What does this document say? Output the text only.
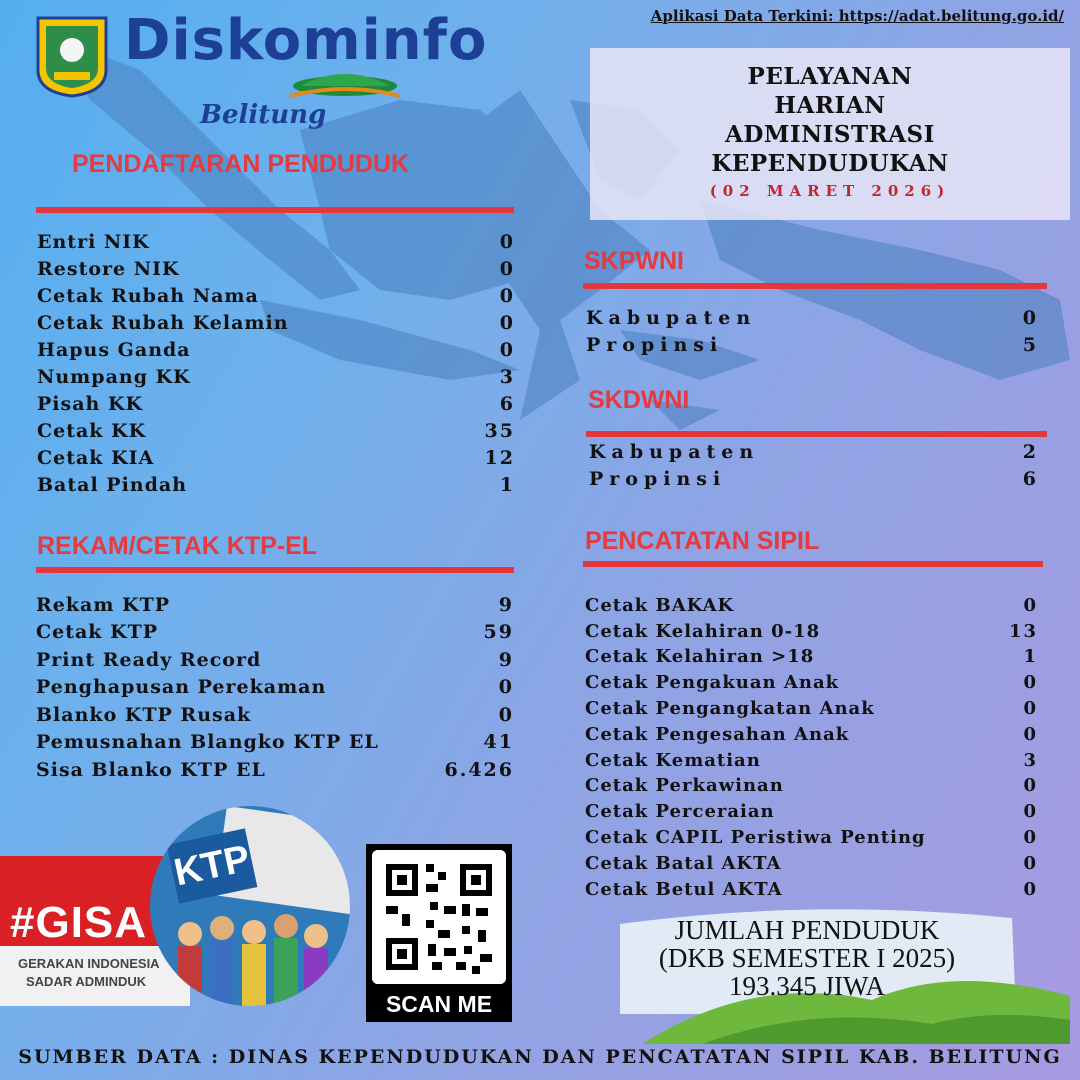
Diskominfo
Belitung
Aplikasi Data Terkini: https://adat.belitung.go.id/
PELAYANAN
HARIAN
ADMINISTRASI
KEPENDUDUKAN
(02 MARET 2026)
PENDAFTARAN PENDUDUK
Entri NIK	0
Restore NIK	0
Cetak Rubah Nama	0
Cetak Rubah Kelamin	0
Hapus Ganda	0
Numpang KK	3
Pisah KK	6
Cetak KK	35
Cetak KIA	12
Batal Pindah	1
REKAM/CETAK KTP-EL
Rekam KTP	9
Cetak KTP	59
Print Ready Record	9
Penghapusan Perekaman	0
Blanko KTP Rusak	0
Pemusnahan Blangko KTP EL	41
Sisa Blanko KTP EL	6.426
SKPWNI
Kabupaten	0
Propinsi	5
SKDWNI
Kabupaten	2
Propinsi	6
PENCATATAN SIPIL
Cetak BAKAK	0
Cetak Kelahiran 0-18	13
Cetak Kelahiran >18	1
Cetak Pengakuan Anak	0
Cetak Pengangkatan Anak	0
Cetak Pengesahan Anak	0
Cetak Kematian	3
Cetak Perkawinan	0
Cetak Perceraian	0
Cetak CAPIL Peristiwa Penting	0
Cetak Batal AKTA	0
Cetak Betul AKTA	0
#GISA
GERAKAN INDONESIA
SADAR ADMINDUK
KTP
SCAN ME
JUMLAH PENDUDUK
(DKB SEMESTER I 2025)
193.345 JIWA
SUMBER DATA : DINAS KEPENDUDUKAN DAN PENCATATAN SIPIL KAB. BELITUNG
